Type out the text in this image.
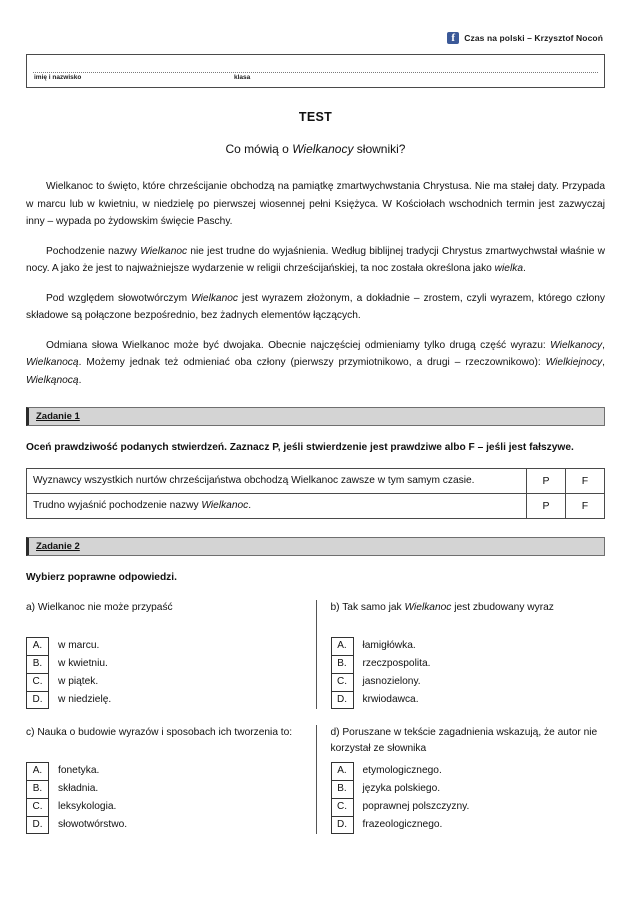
f	Czas na polski – Krzysztof Nocoń
imię i nazwisko	klasa
TEST
Co mówią o Wielkanocy słowniki?
Wielkanoc to święto, które chrześcijanie obchodzą na pamiątkę zmartwychwstania Chrystusa. Nie ma stałej daty. Przypada w marcu lub w kwietniu, w niedzielę po pierwszej wiosennej pełni Księżyca. W Kościołach wschodnich termin jest zazwyczaj inny – wypada po żydowskim święcie Paschy.
Pochodzenie nazwy Wielkanoc nie jest trudne do wyjaśnienia. Według biblijnej tradycji Chrystus zmartwychwstał właśnie w nocy. A jako że jest to najważniejsze wydarzenie w religii chrześcijańskiej, ta noc została określona jako wielka.
Pod względem słowotwórczym Wielkanoc jest wyrazem złożonym, a dokładnie – zrostem, czyli wyrazem, którego człony składowe są połączone bezpośrednio, bez żadnych elementów łączących.
Odmiana słowa Wielkanoc może być dwojaka. Obecnie najczęściej odmieniamy tylko drugą część wyrazu: Wielkanocy, Wielkanocą. Możemy jednak też odmieniać oba człony (pierwszy przymiotnikowo, a drugi – rzeczownikowo): Wielkiejnocy, Wielkąnocą.
Zadanie 1
Oceń prawdziwość podanych stwierdzeń. Zaznacz P, jeśli stwierdzenie jest prawdziwe albo F – jeśli jest fałszywe.
Wyznawcy wszystkich nurtów chrześcijaństwa obchodzą Wielkanoc zawsze w tym samym czasie.	P	F
Trudno wyjaśnić pochodzenie nazwy Wielkanoc.	P	F
Zadanie 2
Wybierz poprawne odpowiedzi.
a) Wielkanoc nie może przypaść
A.	w marcu.
B.	w kwietniu.
C.	w piątek.
D.	w niedzielę.
b) Tak samo jak Wielkanoc jest zbudowany wyraz
A.	łamigłówka.
B.	rzeczpospolita.
C.	jasnozielony.
D.	krwiodawca.
c) Nauka o budowie wyrazów i sposobach ich tworzenia to:
A.	fonetyka.
B.	składnia.
C.	leksykologia.
D.	słowotwórstwo.
d) Poruszane w tekście zagadnienia wskazują, że autor nie korzystał ze słownika
A.	etymologicznego.
B.	języka polskiego.
C.	poprawnej polszczyzny.
D.	frazeologicznego.
